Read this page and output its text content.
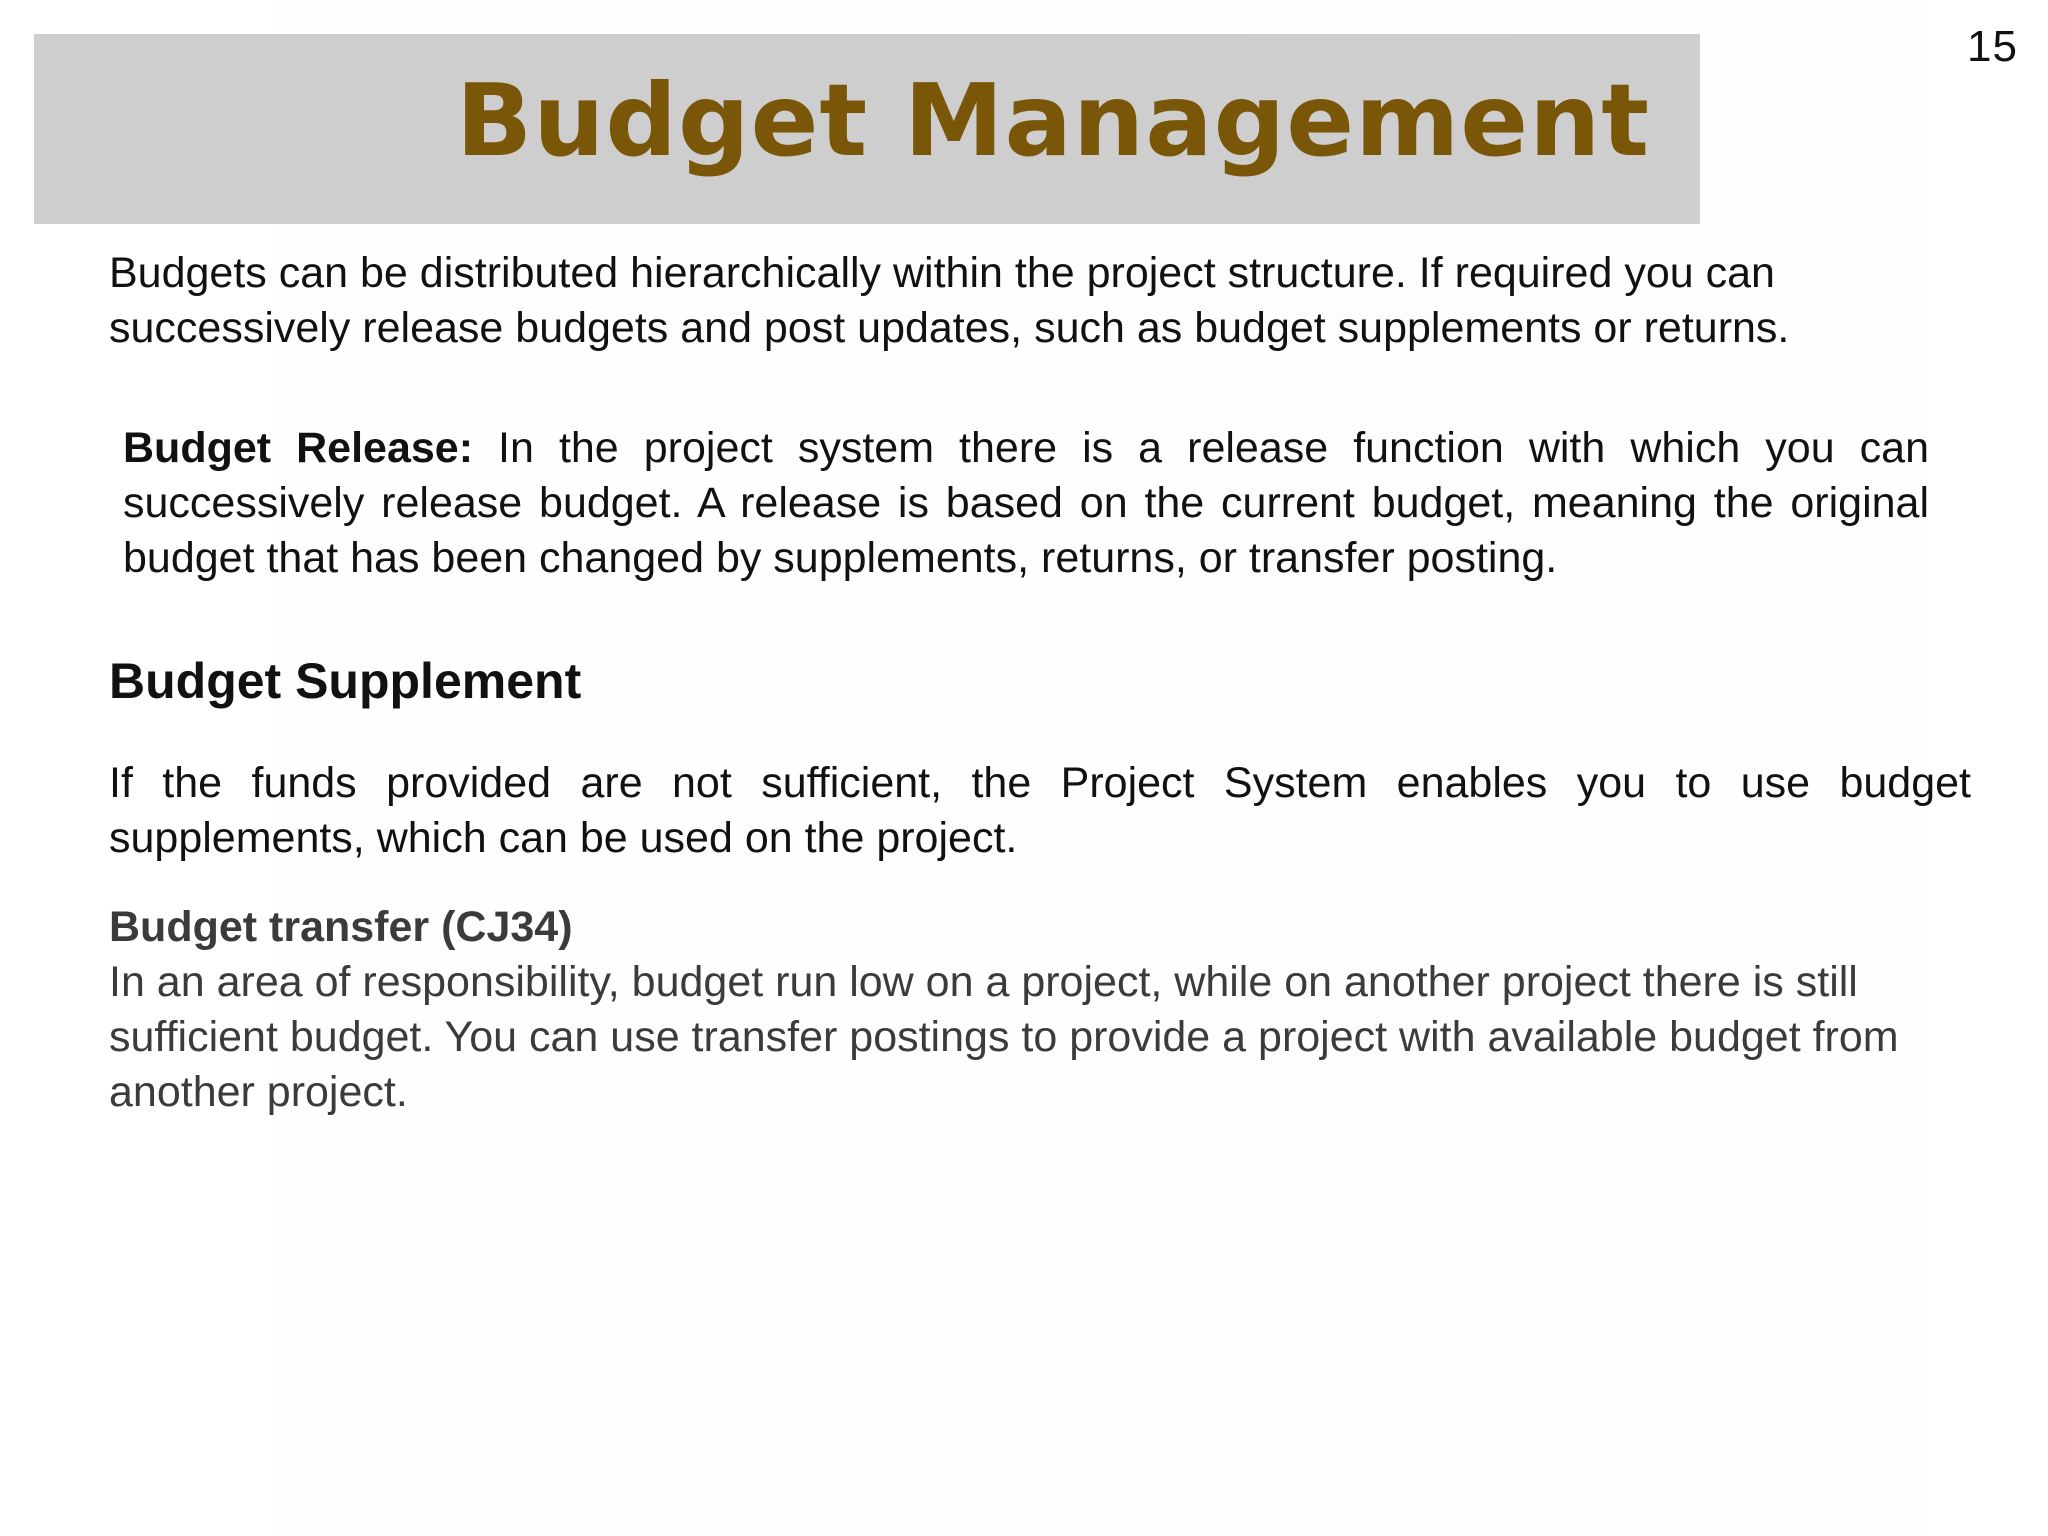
15
Budget Management

Budgets can be distributed hierarchically within the project structure. If required you can successively release budgets and post updates, such as budget supplements or returns.

Budget Release: In the project system there is a release function with which you can successively release budget. A release is based on the current budget, meaning the original budget that has been changed by supplements, returns, or transfer posting.

Budget Supplement

If the funds provided are not sufficient, the Project System enables you to use budget supplements, which can be used on the project.

Budget transfer (CJ34)

In an area of responsibility, budget run low on a project, while on another project there is still sufficient budget. You can use transfer postings to provide a project with available budget from another project.
